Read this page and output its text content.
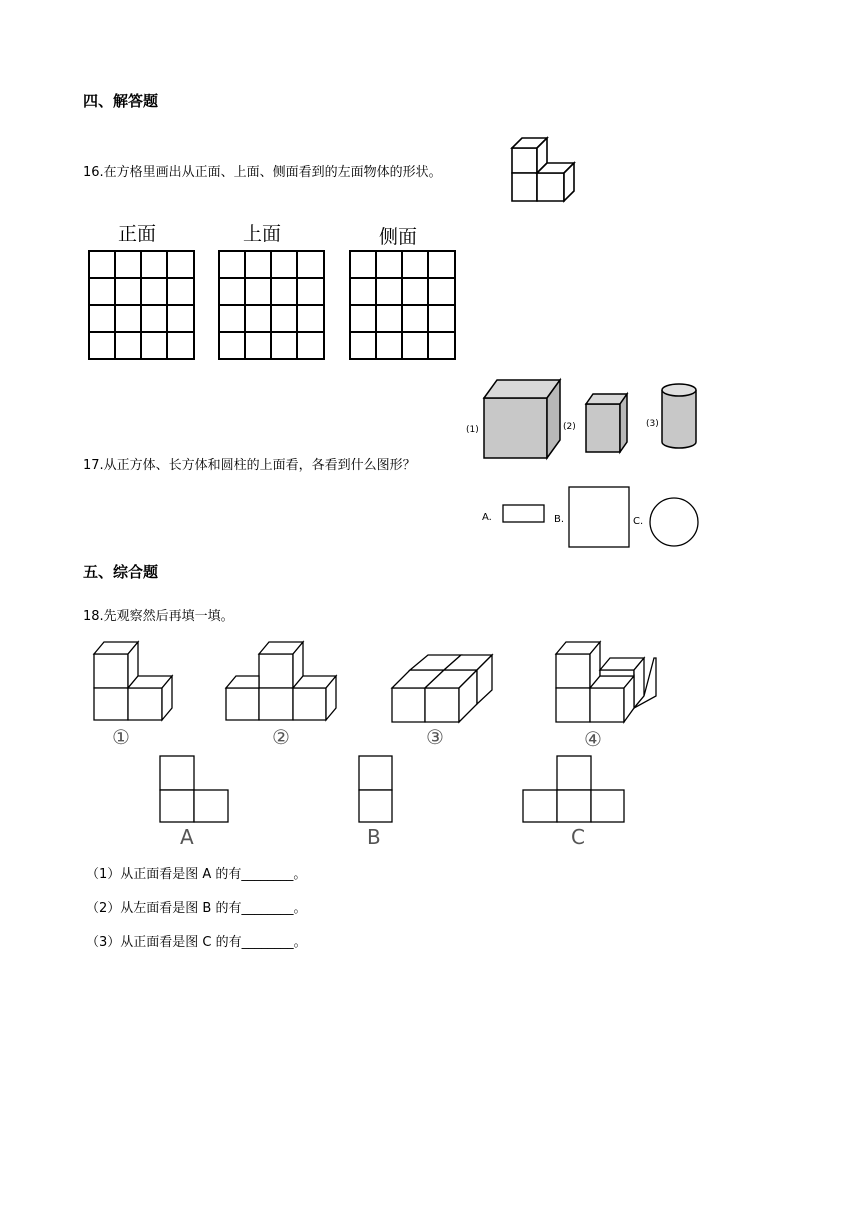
四、解答题
16.在方格里画出从正面、上面、侧面看到的左面物体的形状。
正面	上面	侧面
17.从正方体、长方体和圆柱的上面看，各看到什么图形？
(1)	(2)	(3)
A.	B.	C.
五、综合题
18.先观察然后再填一填。
①	②	③	④
A	B	C
（1）从正面看是图 A 的有________。
（2）从左面看是图 B 的有________。
（3）从正面看是图 C 的有________。
